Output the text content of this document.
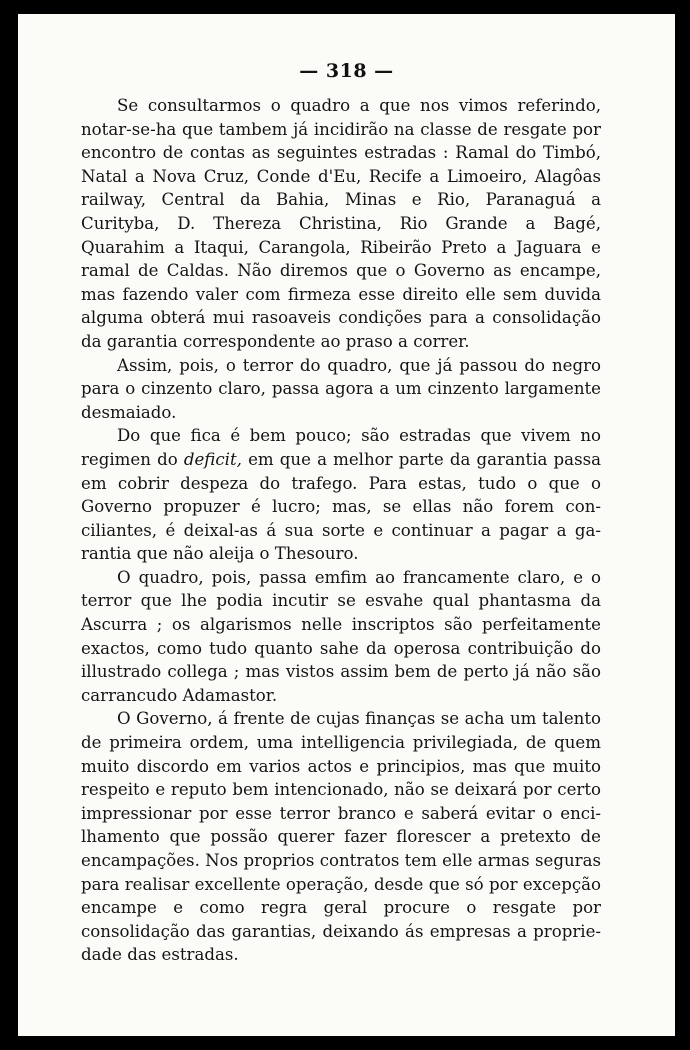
— 318 —

Se consultarmos o quadro a que nos vimos referindo, notar-se-ha que tambem já incidirão na classe de resgate por encontro de contas as seguintes estradas : Ramal do Timbó, Natal a Nova Cruz, Conde d'Eu, Recife a Limoeiro, Alagôas railway, Central da Bahia, Minas e Rio, Paranaguá a Curityba, D. Thereza Christina, Rio Grande a Bagé, Quarahim a Itaqui, Carangola, Ribeirão Preto a Jaguara e ramal de Caldas. Não diremos que o Governo as encampe, mas fazendo valer com firmeza esse direito elle sem duvida alguma obterá mui rasoaveis condições para a consolidação da garantia correspondente ao praso a correr.

Assim, pois, o terror do quadro, que já passou do negro para o cinzento claro, passa agora a um cinzento largamente desmaiado.

Do que fica é bem pouco; são estradas que vivem no regimen do deficit, em que a melhor parte da garantia passa em cobrir despeza do trafego. Para estas, tudo o que o Governo propuzer é lucro; mas, se ellas não forem conciliantes, é deixal-as á sua sorte e continuar a pagar a garantia que não aleija o Thesouro.

O quadro, pois, passa emfim ao francamente claro, e o terror que lhe podia incutir se esvahe qual phantasma da Ascurra ; os algarismos nelle inscriptos são perfeitamente exactos, como tudo quanto sahe da operosa contribuição do illustrado collega ; mas vistos assim bem de perto já não são carrancudo Adamastor.

O Governo, á frente de cujas finanças se acha um talento de primeira ordem, uma intelligencia privilegiada, de quem muito discordo em varios actos e principios, mas que muito respeito e reputo bem intencionado, não se deixará por certo impressionar por esse terror branco e saberá evitar o encilhamento que possão querer fazer florescer a pretexto de encampações. Nos proprios contratos tem elle armas seguras para realisar excellente operação, desde que só por excepção encampe e como regra geral procure o resgate por consolidação das garantias, deixando ás empresas a propriedade das estradas.
